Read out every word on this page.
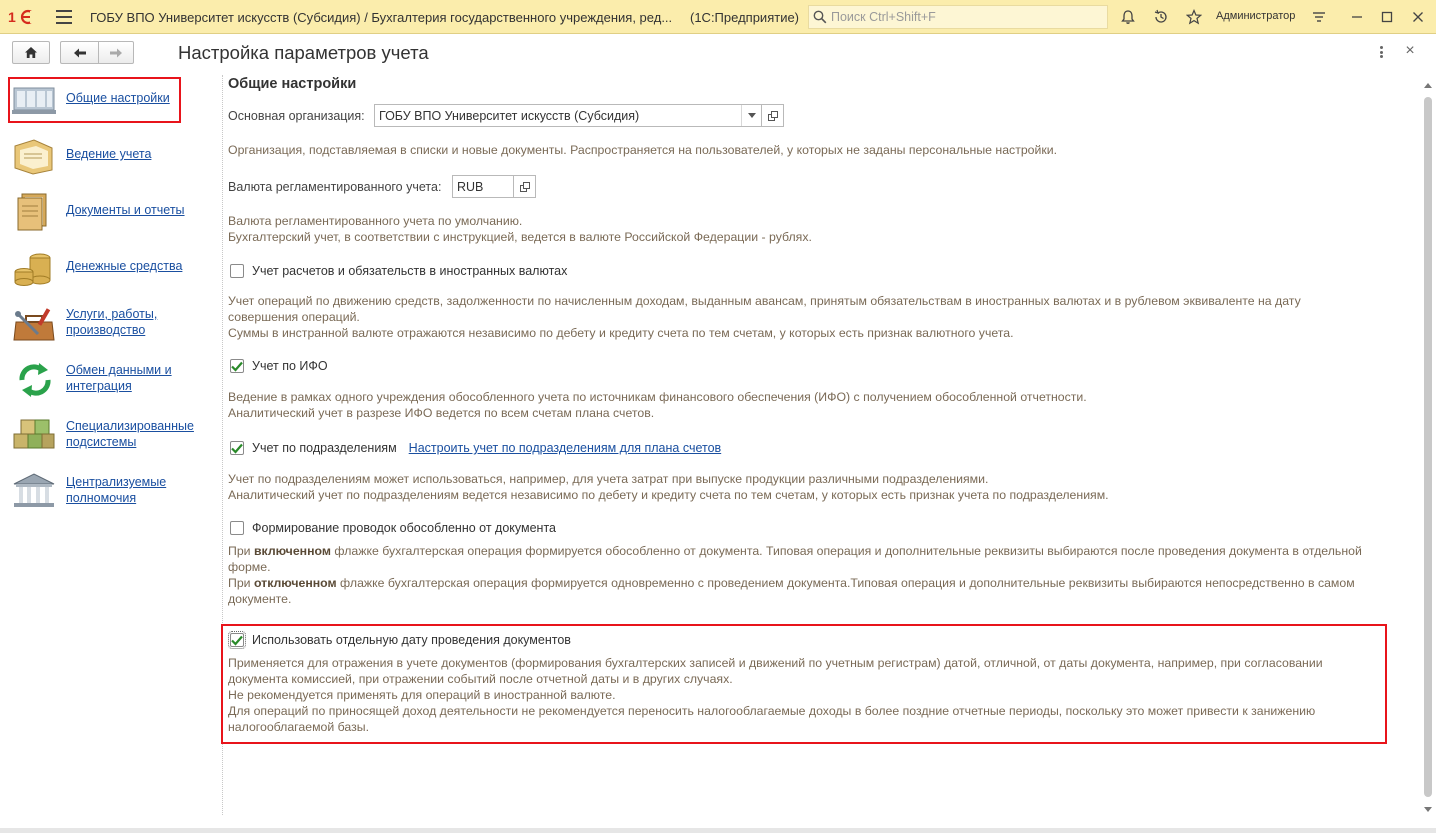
1	ГОБУ ВПО Университет искусств (Субсидия) / Бухгалтерия государственного учреждения, ред... (1С:Предприятие)
Поиск Ctrl+Shift+F	Администратор
Настройка параметров учета	×
Общие настройки
Ведение учета
Документы и отчеты
Денежные средства
Услуги, работы, производство
Обмен данными и интеграция
Специализированные подсистемы
Централизуемые полномочия
Общие настройки
Основная организация:	ГОБУ ВПО Университет искусств (Субсидия)
Организация, подставляемая в списки и новые документы. Распространяется на пользователей, у которых не заданы персональные настройки.
Валюта регламентированного учета:	RUB
Валюта регламентированного учета по умолчанию.
Бухгалтерский учет, в соответствии с инструкцией, ведется в валюте Российской Федерации - рублях.
Учет расчетов и обязательств в иностранных валютах
Учет операций по движению средств, задолженности по начисленным доходам, выданным авансам, принятым обязательствам в иностранных валютах и в рублевом эквиваленте на дату
совершения операций.
Суммы в инстранной валюте отражаются независимо по дебету и кредиту счета по тем счетам, у которых есть признак валютного учета.
Учет по ИФО
Ведение в рамках одного учреждения обособленного учета по источникам финансового обеспечения (ИФО) с получением обособленной отчетности.
Аналитический учет в разрезе ИФО ведется по всем счетам плана счетов.
Учет по подразделениям Настроить учет по подразделениям для плана счетов
Учет по подразделениям может использоваться, например, для учета затрат при выпуске продукции различными подразделениями.
Аналитический учет по подразделениям ведется независимо по дебету и кредиту счета по тем счетам, у которых есть признак учета по подразделениям.
Формирование проводок обособленно от документа
При включенном флажке бухгалтерская операция формируется обособленно от документа. Типовая операция и дополнительные реквизиты выбираются после проведения документа в отдельной
форме.
При отключенном флажке бухгалтерская операция формируется одновременно с проведением документа.Типовая операция и дополнительные реквизиты выбираются непосредственно в самом
документе.
Использовать отдельную дату проведения документов
Применяется для отражения в учете документов (формирования бухгалтерских записей и движений по учетным регистрам) датой, отличной, от даты документа, например, при согласовании
документа комиссией, при отражении событий после отчетной даты и в других случаях.
Не рекомендуется применять для операций в иностранной валюте.
Для операций по приносящей доход деятельности не рекомендуется переносить налогооблагаемые доходы в более поздние отчетные периоды, поскольку это может привести к занижению
налогооблагаемой базы.
